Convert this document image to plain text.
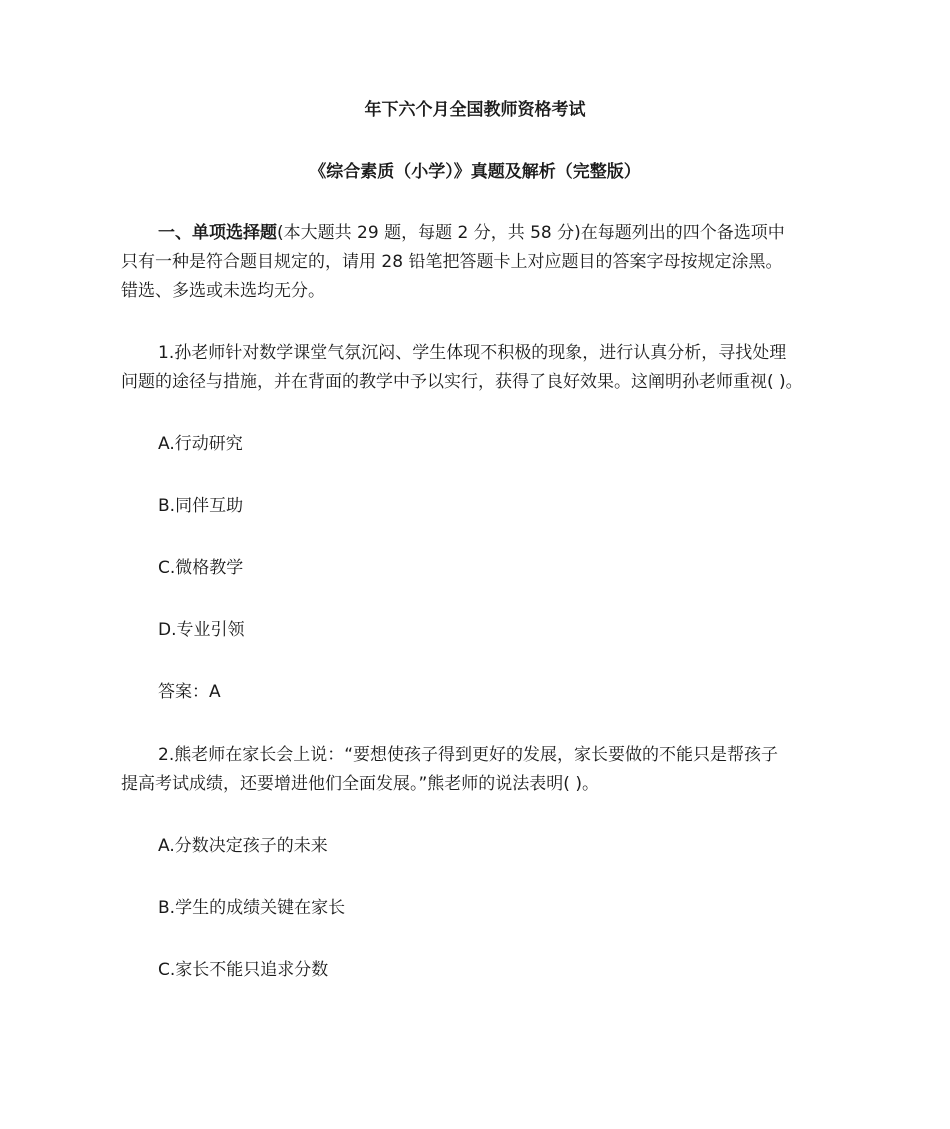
年下六个月全国教师资格考试
《综合素质（小学）》真题及解析（完整版）
一、单项选择题(本大题共 29 题，每题 2 分，共 58 分)在每题列出的四个备选项中
只有一种是符合题目规定的，请用 28 铅笔把答题卡上对应题目的答案字母按规定涂黑。
错选、多选或未选均无分。
1.孙老师针对数学课堂气氛沉闷、学生体现不积极的现象，进行认真分析，寻找处理
问题的途径与措施，并在背面的教学中予以实行，获得了良好效果。这阐明孙老师重视( )。
A.行动研究
B.同伴互助
C.微格教学
D.专业引领
答案：A
2.熊老师在家长会上说：“要想使孩子得到更好的发展，家长要做的不能只是帮孩子
提高考试成绩，还要增进他们全面发展。”熊老师的说法表明( )。
A.分数决定孩子的未来
B.学生的成绩关键在家长
C.家长不能只追求分数
